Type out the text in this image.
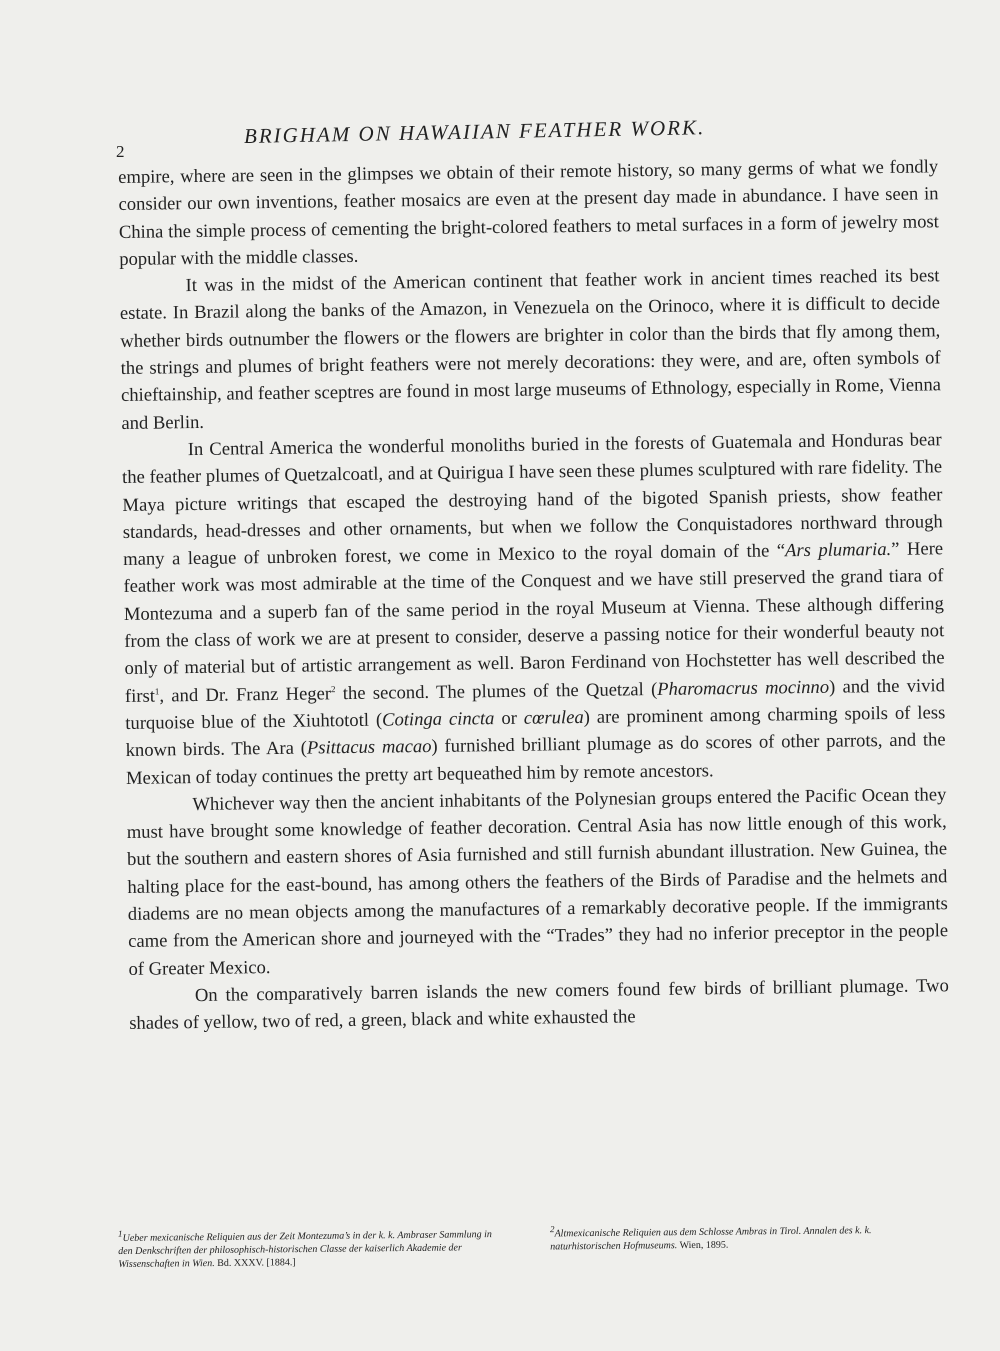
2
BRIGHAM ON HAWAIIAN FEATHER WORK.

empire, where are seen in the glimpses we obtain of their remote history, so many germs of what we fondly consider our own inventions, feather mosaics are even at the present day made in abundance. I have seen in China the simple process of cementing the bright-colored feathers to metal surfaces in a form of jewelry most popular with the middle classes.

It was in the midst of the American continent that feather work in ancient times reached its best estate. In Brazil along the banks of the Amazon, in Venezuela on the Orinoco, where it is difficult to decide whether birds outnumber the flowers or the flowers are brighter in color than the birds that fly among them, the strings and plumes of bright feathers were not merely decorations: they were, and are, often symbols of chieftainship, and feather sceptres are found in most large museums of Ethnology, especially in Rome, Vienna and Berlin.

In Central America the wonderful monoliths buried in the forests of Guatemala and Honduras bear the feather plumes of Quetzalcoatl, and at Quirigua I have seen these plumes sculptured with rare fidelity. The Maya picture writings that escaped the destroying hand of the bigoted Spanish priests, show feather standards, head-dresses and other ornaments, but when we follow the Conquistadores northward through many a league of unbroken forest, we come in Mexico to the royal domain of the “Ars plumaria.” Here feather work was most admirable at the time of the Conquest and we have still preserved the grand tiara of Montezuma and a superb fan of the same period in the royal Museum at Vienna. These although differing from the class of work we are at present to consider, deserve a passing notice for their wonderful beauty not only of material but of artistic arrangement as well. Baron Ferdinand von Hochstetter has well described the first$^1$, and Dr. Franz Heger$^2$ the second. The plumes of the Quetzal (Pharomacrus mocinno) and the vivid turquoise blue of the Xiuhtototl (Cotinga cincta or cœrulea) are prominent among charming spoils of less known birds. The Ara (Psittacus macao) furnished brilliant plumage as do scores of other parrots, and the Mexican of today continues the pretty art bequeathed him by remote ancestors.

Whichever way then the ancient inhabitants of the Polynesian groups entered the Pacific Ocean they must have brought some knowledge of feather decoration. Central Asia has now little enough of this work, but the southern and eastern shores of Asia furnished and still furnish abundant illustration. New Guinea, the halting place for the east-bound, has among others the feathers of the Birds of Paradise and the helmets and diadems are no mean objects among the manufactures of a remarkably decorative people. If the immigrants came from the American shore and journeyed with the “Trades” they had no inferior preceptor in the people of Greater Mexico.

On the comparatively barren islands the new comers found few birds of brilliant plumage. Two shades of yellow, two of red, a green, black and white exhausted the

$^1$Ueber mexicanische Reliquien aus der Zeit Montezuma’s in der k. k. Ambraser Sammlung in den Denkschriften der philosophisch-historischen Classe der kaiserlich Akademie der Wissenschaften in Wien. Bd. XXXV. [1884.]
$^2$Altmexicanische Reliquien aus dem Schlosse Ambras in Tirol. Annalen des k. k. naturhistorischen Hofmuseums. Wien, 1895.
